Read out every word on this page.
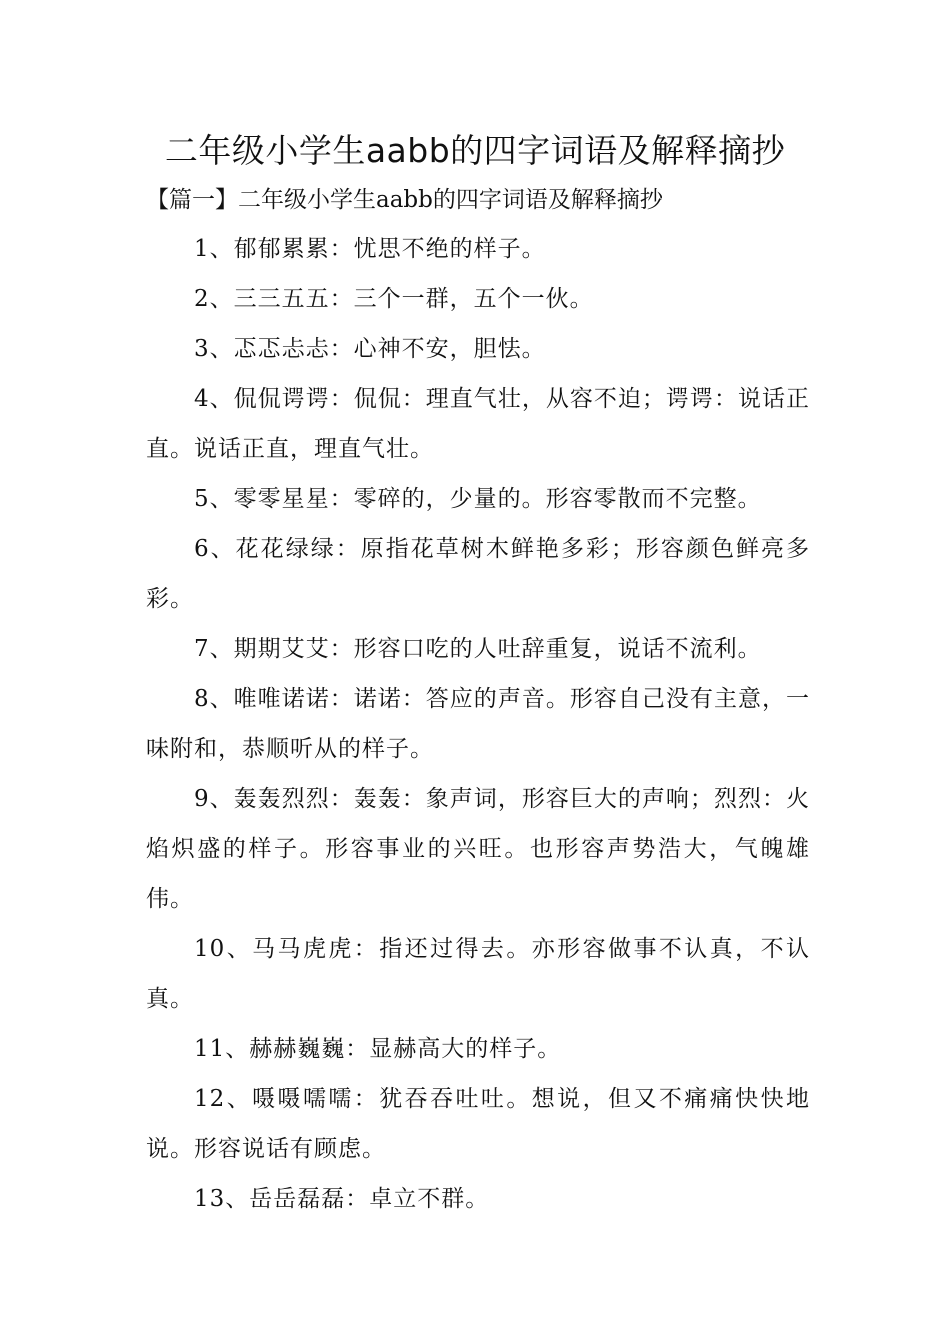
二年级小学生aabb的四字词语及解释摘抄
【篇一】二年级小学生aabb的四字词语及解释摘抄
1、郁郁累累：忧思不绝的样子。
2、三三五五：三个一群，五个一伙。
3、忑忑忐忐：心神不安，胆怯。
4、侃侃谔谔：侃侃：理直气壮，从容不迫；谔谔：说话正直。说话正直，理直气壮。
5、零零星星：零碎的，少量的。形容零散而不完整。
6、花花绿绿：原指花草树木鲜艳多彩；形容颜色鲜亮多彩。
7、期期艾艾：形容口吃的人吐辞重复，说话不流利。
8、唯唯诺诺：诺诺：答应的声音。形容自己没有主意，一味附和，恭顺听从的样子。
9、轰轰烈烈：轰轰：象声词，形容巨大的声响；烈烈：火焰炽盛的样子。形容事业的兴旺。也形容声势浩大，气魄雄伟。
10、马马虎虎：指还过得去。亦形容做事不认真，不认真。
11、赫赫巍巍：显赫高大的样子。
12、嗫嗫嚅嚅：犹吞吞吐吐。想说，但又不痛痛快快地说。形容说话有顾虑。
13、岳岳磊磊：卓立不群。
